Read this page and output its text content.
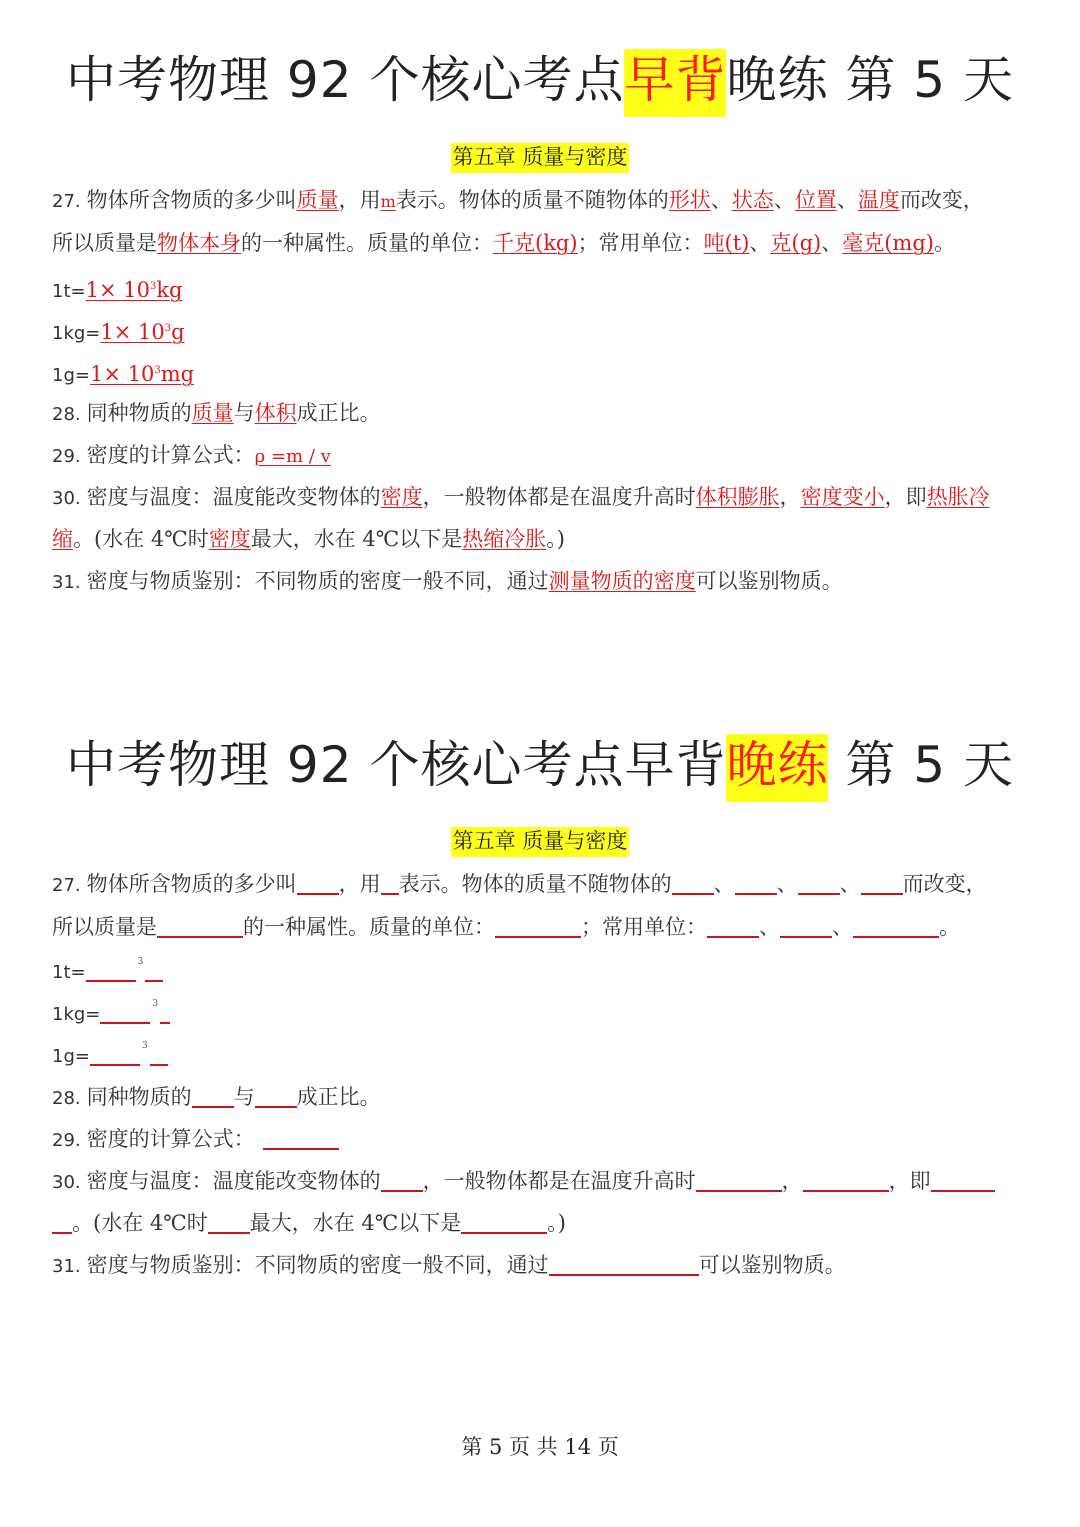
中考物理 92 个核心考点早背晚练 第 5 天
第五章 质量与密度
27. 物体所含物质的多少叫质量，用m表示。物体的质量不随物体的形状、状态、位置、温度而改变，
所以质量是物体本身的一种属性。质量的单位：千克(kg)；常用单位：吨(t)、克(g)、毫克(mg)。
$1t=1\times 10^3kg$
$1kg=1\times 10^3g$
$1g=1\times 10^3mg$
28. 同种物质的质量与体积成正比。
29. 密度的计算公式：ρ =m / v
30. 密度与温度：温度能改变物体的密度，一般物体都是在温度升高时体积膨胀，密度变小，即热胀冷
缩。(水在 4℃时密度最大，水在 4℃以下是热缩冷胀。)
31. 密度与物质鉴别：不同物质的密度一般不同，通过测量物质的密度可以鉴别物质。
中考物理 92 个核心考点早背晚练 第 5 天
第五章 质量与密度
27. 物体所含物质的多少叫 ，用 表示。物体的质量不随物体的 、 、 、 而改变，
所以质量是	的一种属性。质量的单位：	；常用单位： 、 、	。
1t=	$^3$
1kg=	$^3$
1g=	$^3$
28. 同种物质的 与 成正比。
29. 密度的计算公式：
30. 密度与温度：温度能改变物体的 ，一般物体都是在温度升高时	，	，即
。(水在 4℃时 最大，水在 4℃以下是	。)
31. 密度与物质鉴别：不同物质的密度一般不同，通过	可以鉴别物质。
第 5 页 共 14 页
